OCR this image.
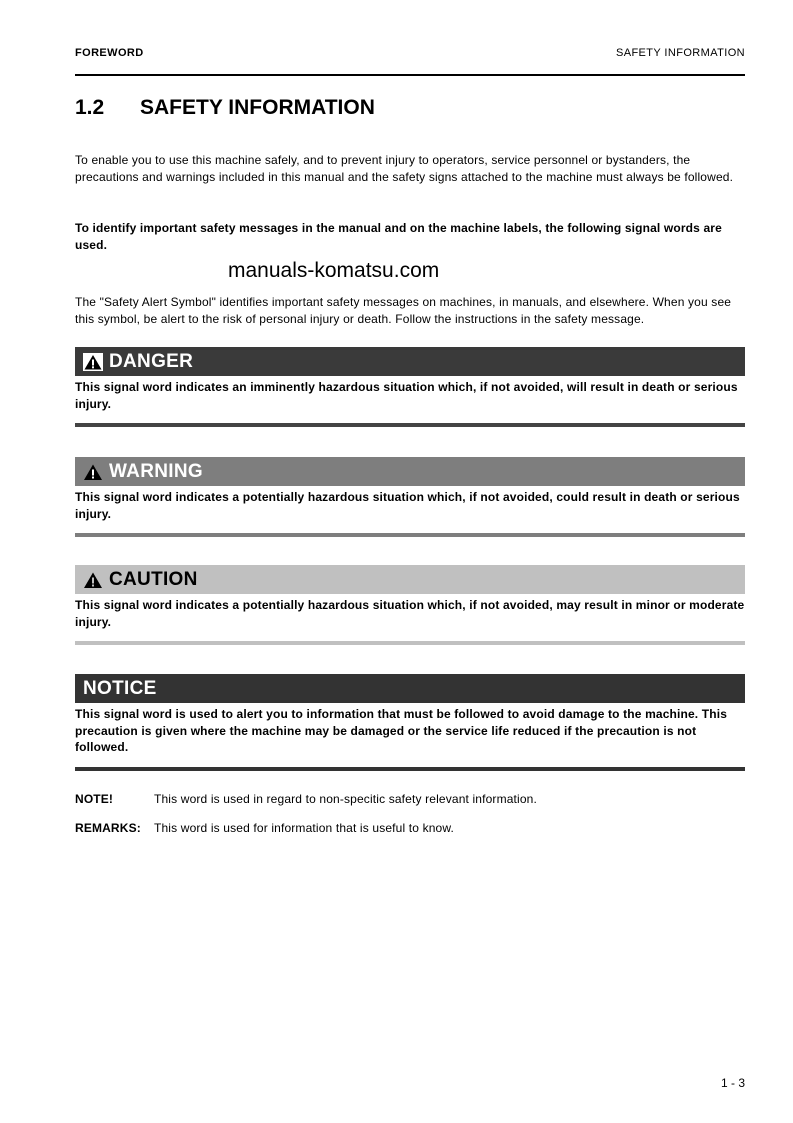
FOREWORD	SAFETY INFORMATION
1.2 SAFETY INFORMATION
To enable you to use this machine safely, and to prevent injury to operators, service personnel or bystanders, the precautions and warnings included in this manual and the safety signs attached to the machine must always be followed.
To identify important safety messages in the manual and on the machine labels, the following signal words are used.
manuals-komatsu.com
The "Safety Alert Symbol" identifies important safety messages on machines, in manuals, and elsewhere. When you see this symbol, be alert to the risk of personal injury or death. Follow the instructions in the safety message.
DANGER
This signal word indicates an imminently hazardous situation which, if not avoided, will result in death or serious injury.
WARNING
This signal word indicates a potentially hazardous situation which, if not avoided, could result in death or serious injury.
CAUTION
This signal word indicates a potentially hazardous situation which, if not avoided, may result in minor or moderate injury.
NOTICE
This signal word is used to alert you to information that must be followed to avoid damage to the machine. This precaution is given where the machine may be damaged or the service life reduced if the precaution is not followed.
NOTE!	This word is used in regard to non-specitic safety relevant information.
REMARKS: This word is used for information that is useful to know.
1 - 3
